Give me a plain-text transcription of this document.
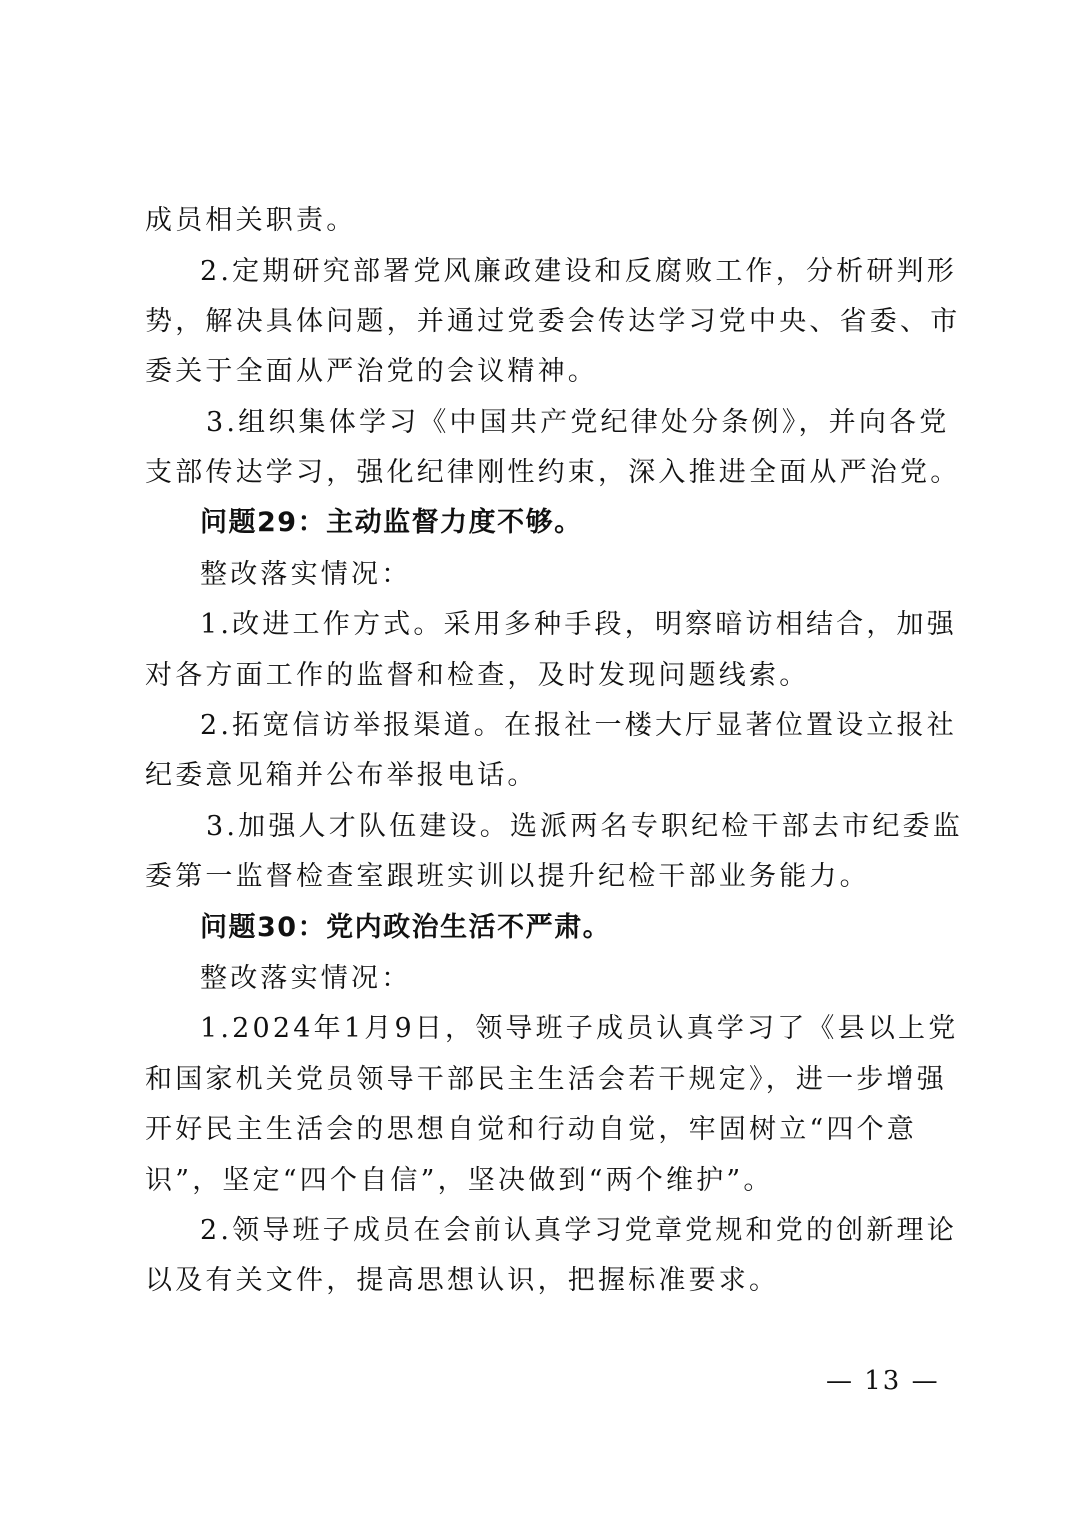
成员相关职责。
2.定期研究部署党风廉政建设和反腐败工作，分析研判形
势，解决具体问题，并通过党委会传达学习党中央、省委、市
委关于全面从严治党的会议精神。
3.组织集体学习《中国共产党纪律处分条例》，并向各党
支部传达学习，强化纪律刚性约束，深入推进全面从严治党。
问题29：主动监督力度不够。
整改落实情况：
1.改进工作方式。采用多种手段，明察暗访相结合，加强
对各方面工作的监督和检查，及时发现问题线索。
2.拓宽信访举报渠道。在报社一楼大厅显著位置设立报社
纪委意见箱并公布举报电话。
3.加强人才队伍建设。选派两名专职纪检干部去市纪委监
委第一监督检查室跟班实训以提升纪检干部业务能力。
问题30：党内政治生活不严肃。
整改落实情况：
1.2024年1月9日，领导班子成员认真学习了《县以上党
和国家机关党员领导干部民主生活会若干规定》，进一步增强
开好民主生活会的思想自觉和行动自觉，牢固树立“四个意
识”，坚定“四个自信”，坚决做到“两个维护”。
2.领导班子成员在会前认真学习党章党规和党的创新理论
以及有关文件，提高思想认识，把握标准要求。
— 13 —
